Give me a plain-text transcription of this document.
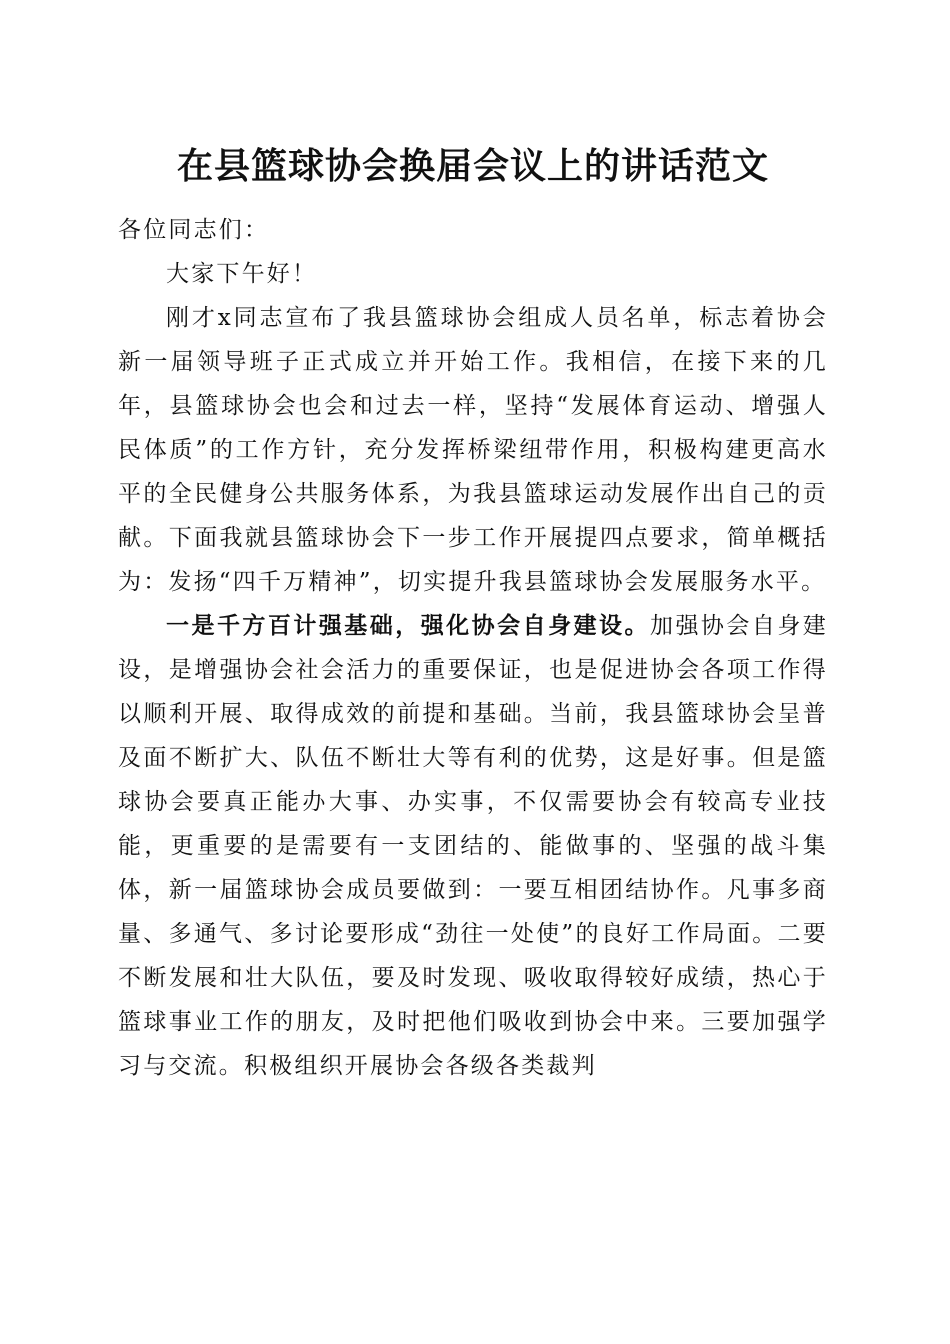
在县篮球协会换届会议上的讲话范文

各位同志们：

大家下午好！

刚才x同志宣布了我县篮球协会组成人员名单，标志着协会新一届领导班子正式成立并开始工作。我相信，在接下来的几年，县篮球协会也会和过去一样，坚持“发展体育运动、增强人民体质”的工作方针，充分发挥桥梁纽带作用，积极构建更高水平的全民健身公共服务体系，为我县篮球运动发展作出自己的贡献。下面我就县篮球协会下一步工作开展提四点要求，简单概括为：发扬“四千万精神”，切实提升我县篮球协会发展服务水平。

一是千方百计强基础，强化协会自身建设。加强协会自身建设，是增强协会社会活力的重要保证，也是促进协会各项工作得以顺利开展、取得成效的前提和基础。当前，我县篮球协会呈普及面不断扩大、队伍不断壮大等有利的优势，这是好事。但是篮球协会要真正能办大事、办实事，不仅需要协会有较高专业技能，更重要的是需要有一支团结的、能做事的、坚强的战斗集体，新一届篮球协会成员要做到：一要互相团结协作。凡事多商量、多通气、多讨论要形成“劲往一处使”的良好工作局面。二要不断发展和壮大队伍，要及时发现、吸收取得较好成绩，热心于篮球事业工作的朋友，及时把他们吸收到协会中来。三要加强学习与交流。积极组织开展协会各级各类裁判
